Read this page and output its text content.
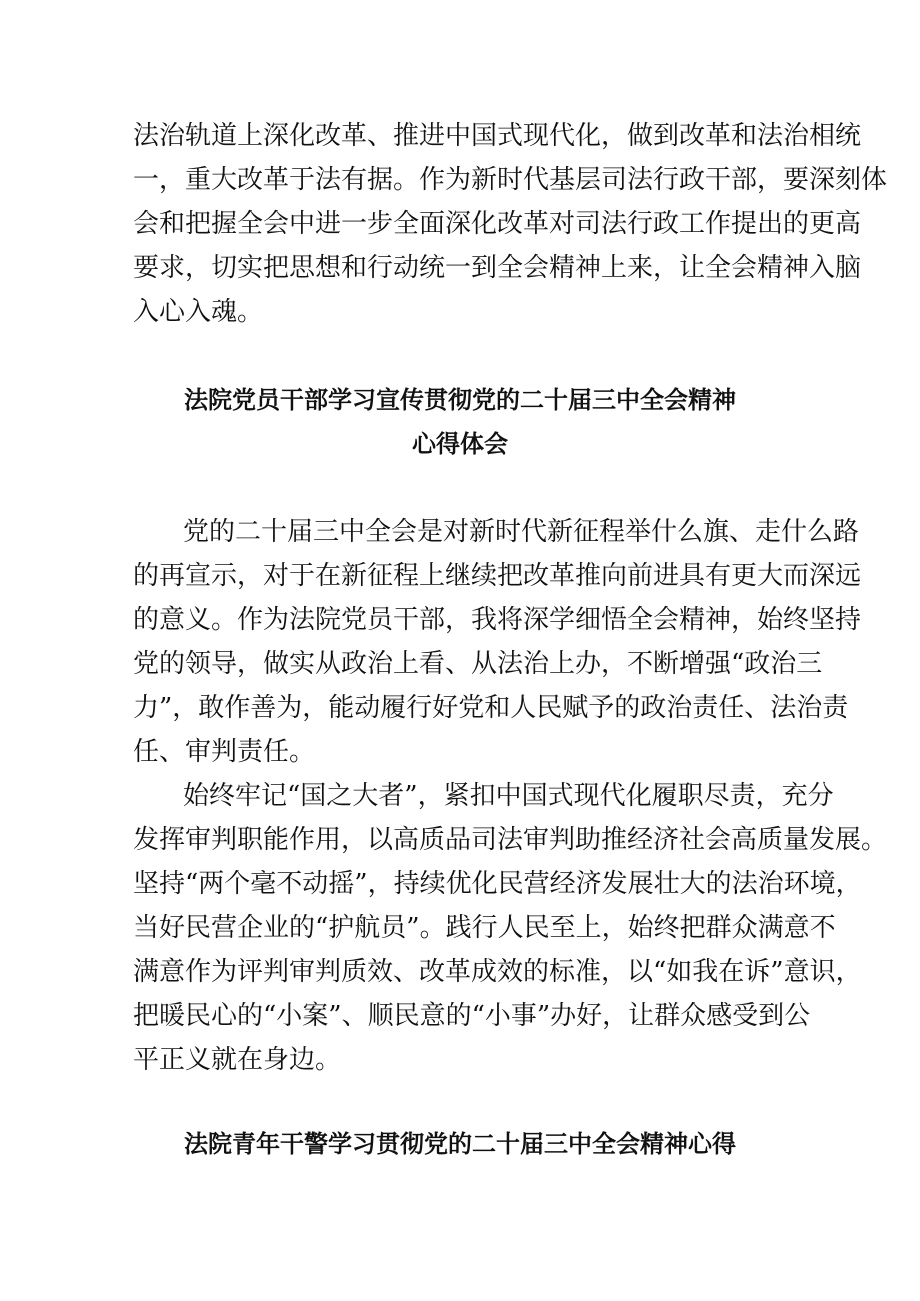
法治轨道上深化改革、推进中国式现代化，做到改革和法治相统
一，重大改革于法有据。作为新时代基层司法行政干部，要深刻体
会和把握全会中进一步全面深化改革对司法行政工作提出的更高
要求，切实把思想和行动统一到全会精神上来，让全会精神入脑
入心入魂。
法院党员干部学习宣传贯彻党的二十届三中全会精神
心得体会
党的二十届三中全会是对新时代新征程举什么旗、走什么路
的再宣示，对于在新征程上继续把改革推向前进具有更大而深远
的意义。作为法院党员干部，我将深学细悟全会精神，始终坚持
党的领导，做实从政治上看、从法治上办，不断增强“政治三
力”，敢作善为，能动履行好党和人民赋予的政治责任、法治责
任、审判责任。
始终牢记“国之大者”，紧扣中国式现代化履职尽责，充分
发挥审判职能作用，以高质品司法审判助推经济社会高质量发展。
坚持“两个毫不动摇”，持续优化民营经济发展壮大的法治环境，
当好民营企业的“护航员”。践行人民至上，始终把群众满意不
满意作为评判审判质效、改革成效的标准，以“如我在诉”意识，
把暖民心的“小案”、顺民意的“小事”办好，让群众感受到公
平正义就在身边。
法院青年干警学习贯彻党的二十届三中全会精神心得
